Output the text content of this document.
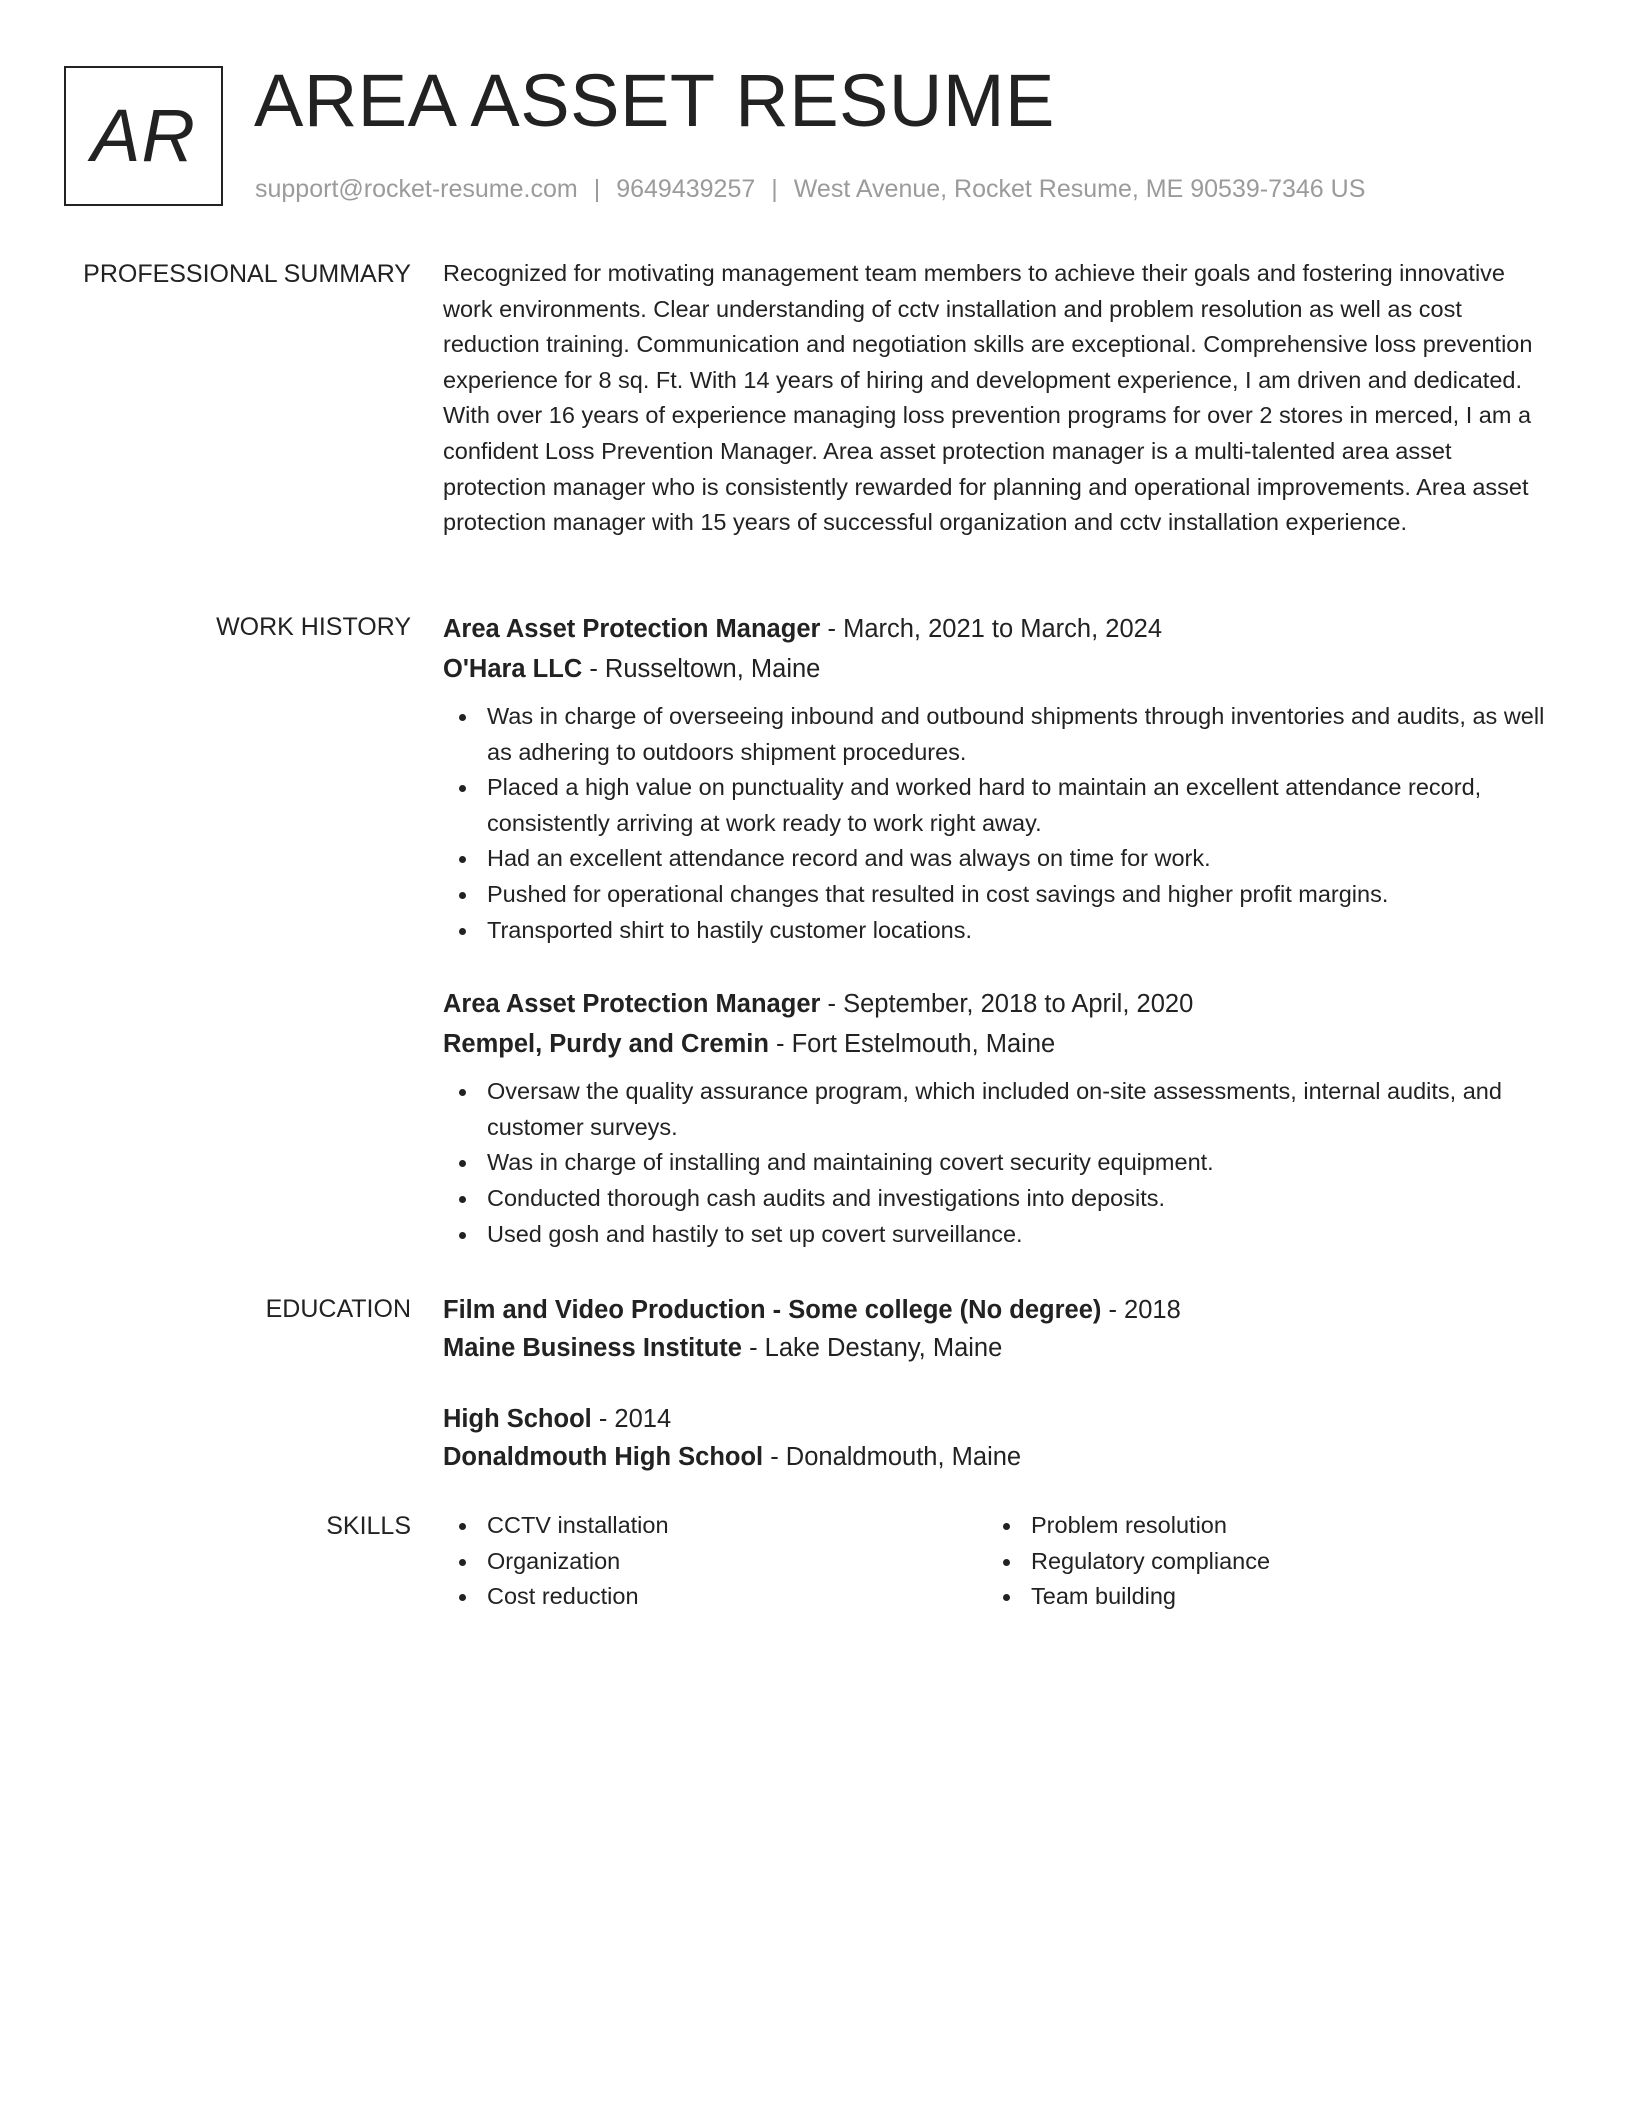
AR AREA ASSET RESUME
support@rocket-resume.com | 9649439257 | West Avenue, Rocket Resume, ME 90539-7346 US
PROFESSIONAL SUMMARY Recognized for motivating management team members to achieve their goals and fostering innovative work environments. Clear understanding of cctv installation and problem resolution as well as cost reduction training. Communication and negotiation skills are exceptional. Comprehensive loss prevention experience for 8 sq. Ft. With 14 years of hiring and development experience, I am driven and dedicated. With over 16 years of experience managing loss prevention programs for over 2 stores in merced, I am a confident Loss Prevention Manager. Area asset protection manager is a multi-talented area asset protection manager who is consistently rewarded for planning and operational improvements. Area asset protection manager with 15 years of successful organization and cctv installation experience.

WORK HISTORY Area Asset Protection Manager - March, 2021 to March, 2024
O'Hara LLC - Russeltown, Maine
Was in charge of overseeing inbound and outbound shipments through inventories and audits, as well as adhering to outdoors shipment procedures.
Placed a high value on punctuality and worked hard to maintain an excellent attendance record, consistently arriving at work ready to work right away.
Had an excellent attendance record and was always on time for work.
Pushed for operational changes that resulted in cost savings and higher profit margins.
Transported shirt to hastily customer locations.
Area Asset Protection Manager - September, 2018 to April, 2020
Rempel, Purdy and Cremin - Fort Estelmouth, Maine
Oversaw the quality assurance program, which included on-site assessments, internal audits, and customer surveys.
Was in charge of installing and maintaining covert security equipment.
Conducted thorough cash audits and investigations into deposits.
Used gosh and hastily to set up covert surveillance.
EDUCATION Film and Video Production - Some college (No degree) - 2018
Maine Business Institute - Lake Destany, Maine
High School - 2014
Donaldmouth High School - Donaldmouth, Maine
SKILLS	CCTV installation
Organization
Cost reduction
Problem resolution
Regulatory compliance
Team building
